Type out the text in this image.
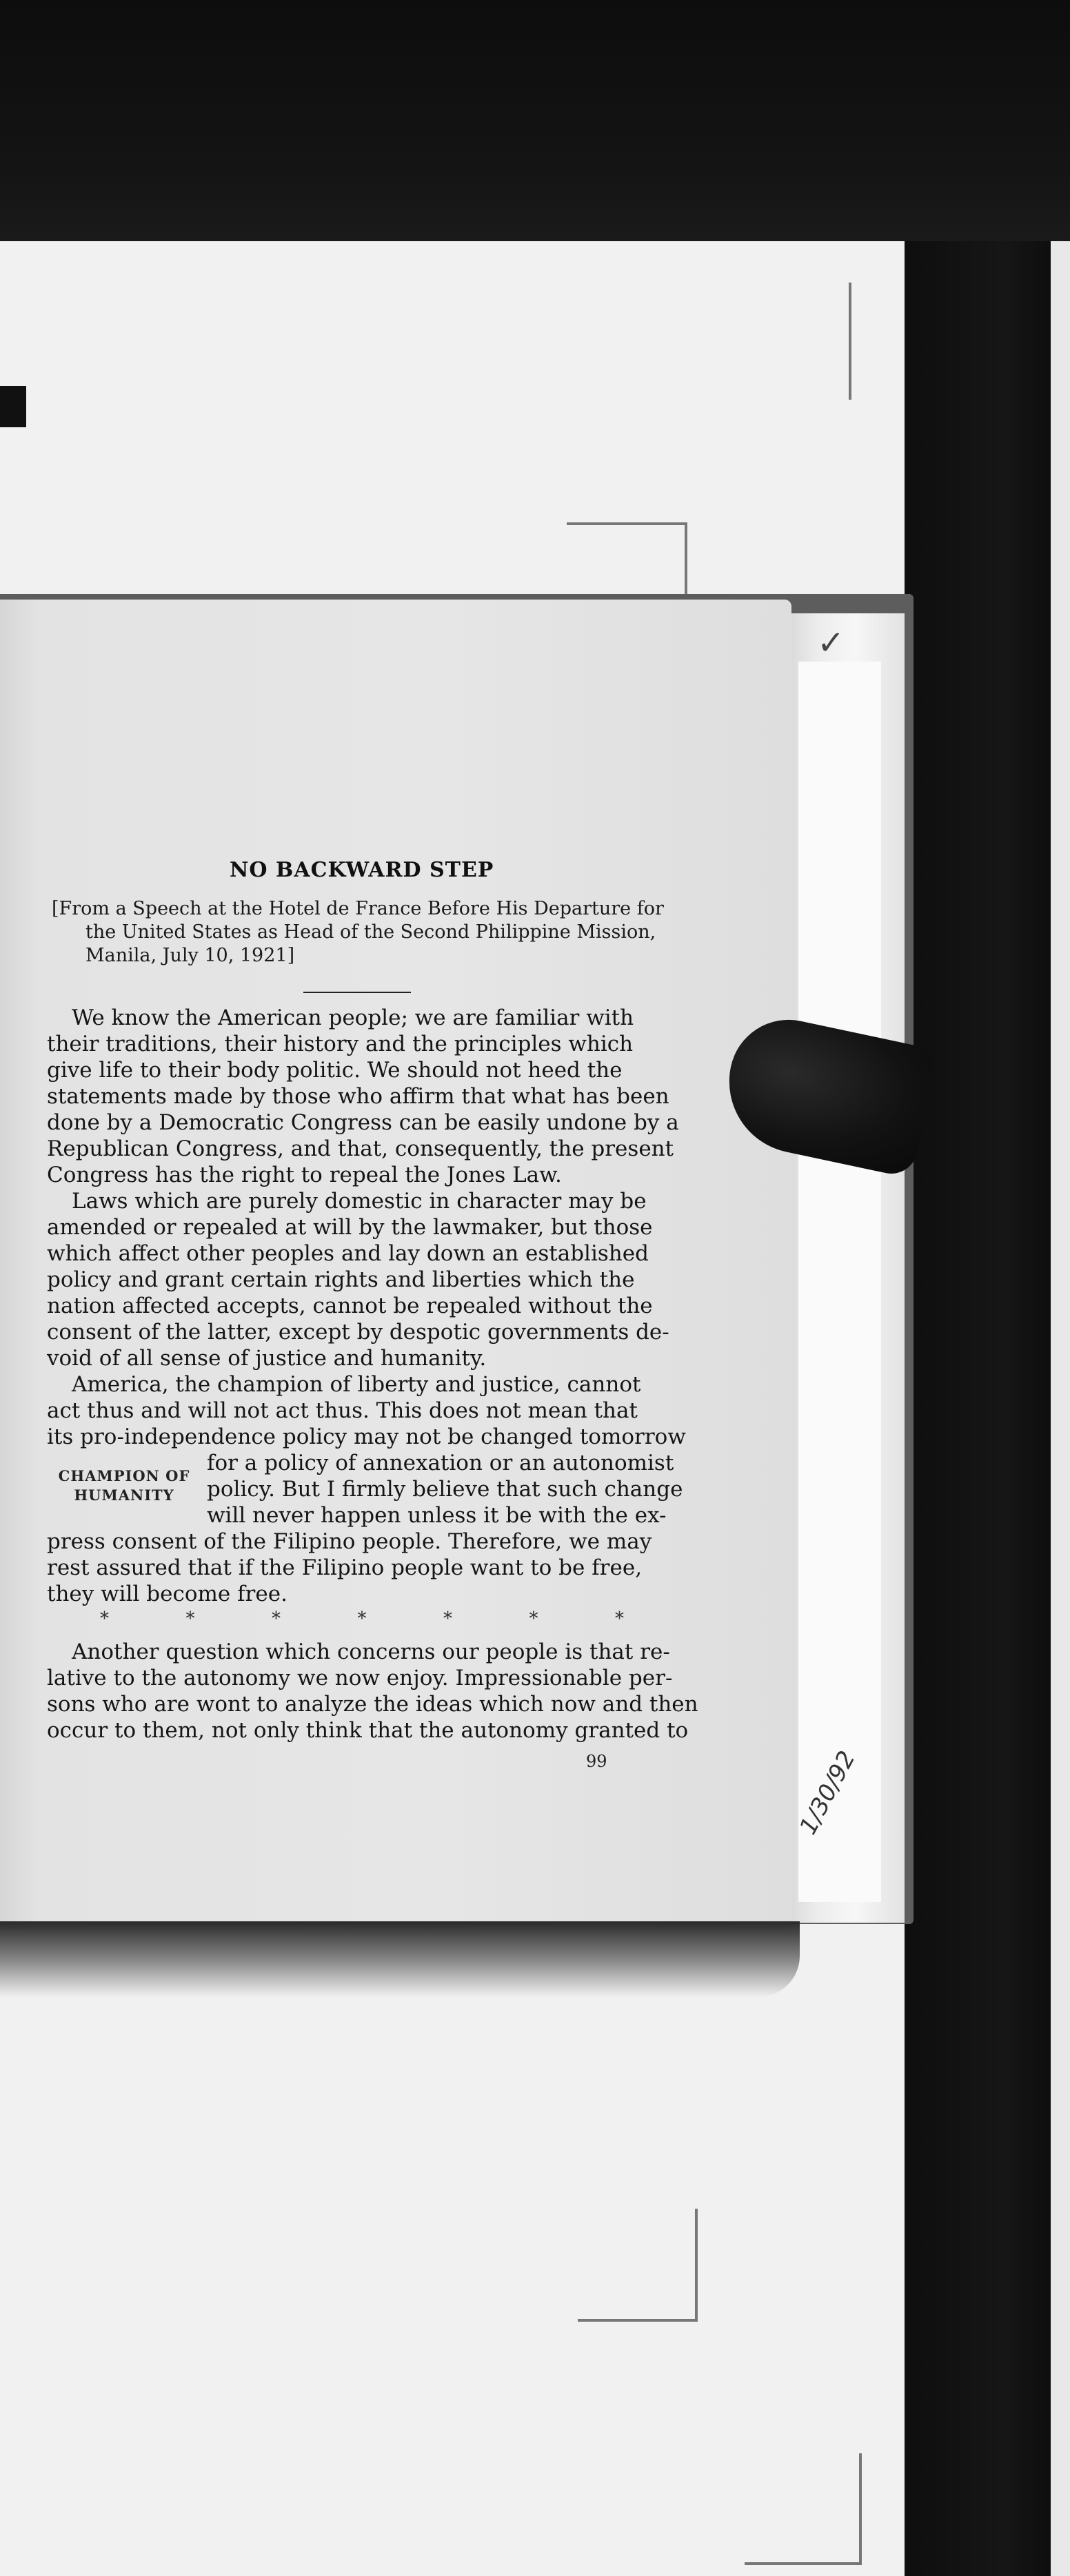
✓
NO BACKWARD STEP
[From a Speech at the Hotel de France Before His Departure for
the United States as Head of the Second Philippine Mission,
Manila, July 10, 1921]
We know the American people; we are familiar with
their traditions, their history and the principles which
give life to their body politic. We should not heed the
statements made by those who affirm that what has been
done by a Democratic Congress can be easily undone by a
Republican Congress, and that, consequently, the present
Congress has the right to repeal the Jones Law.
Laws which are purely domestic in character may be
amended or repealed at will by the lawmaker, but those
which affect other peoples and lay down an established
policy and grant certain rights and liberties which the
nation affected accepts, cannot be repealed without the
consent of the latter, except by despotic governments de-
void of all sense of justice and humanity.
America, the champion of liberty and justice, cannot
act thus and will not act thus. This does not mean that
its pro-independence policy may not be changed tomorrow
CHAMPION OF
HUMANITY
for a policy of annexation or an autonomist
policy. But I firmly believe that such change
will never happen unless it be with the ex-
press consent of the Filipino people. Therefore, we may
rest assured that if the Filipino people want to be free,
they will become free.
*	*	*	*	*	*	*
Another question which concerns our people is that re-
lative to the autonomy we now enjoy. Impressionable per-
sons who are wont to analyze the ideas which now and then
occur to them, not only think that the autonomy granted to
99	1/30/92
